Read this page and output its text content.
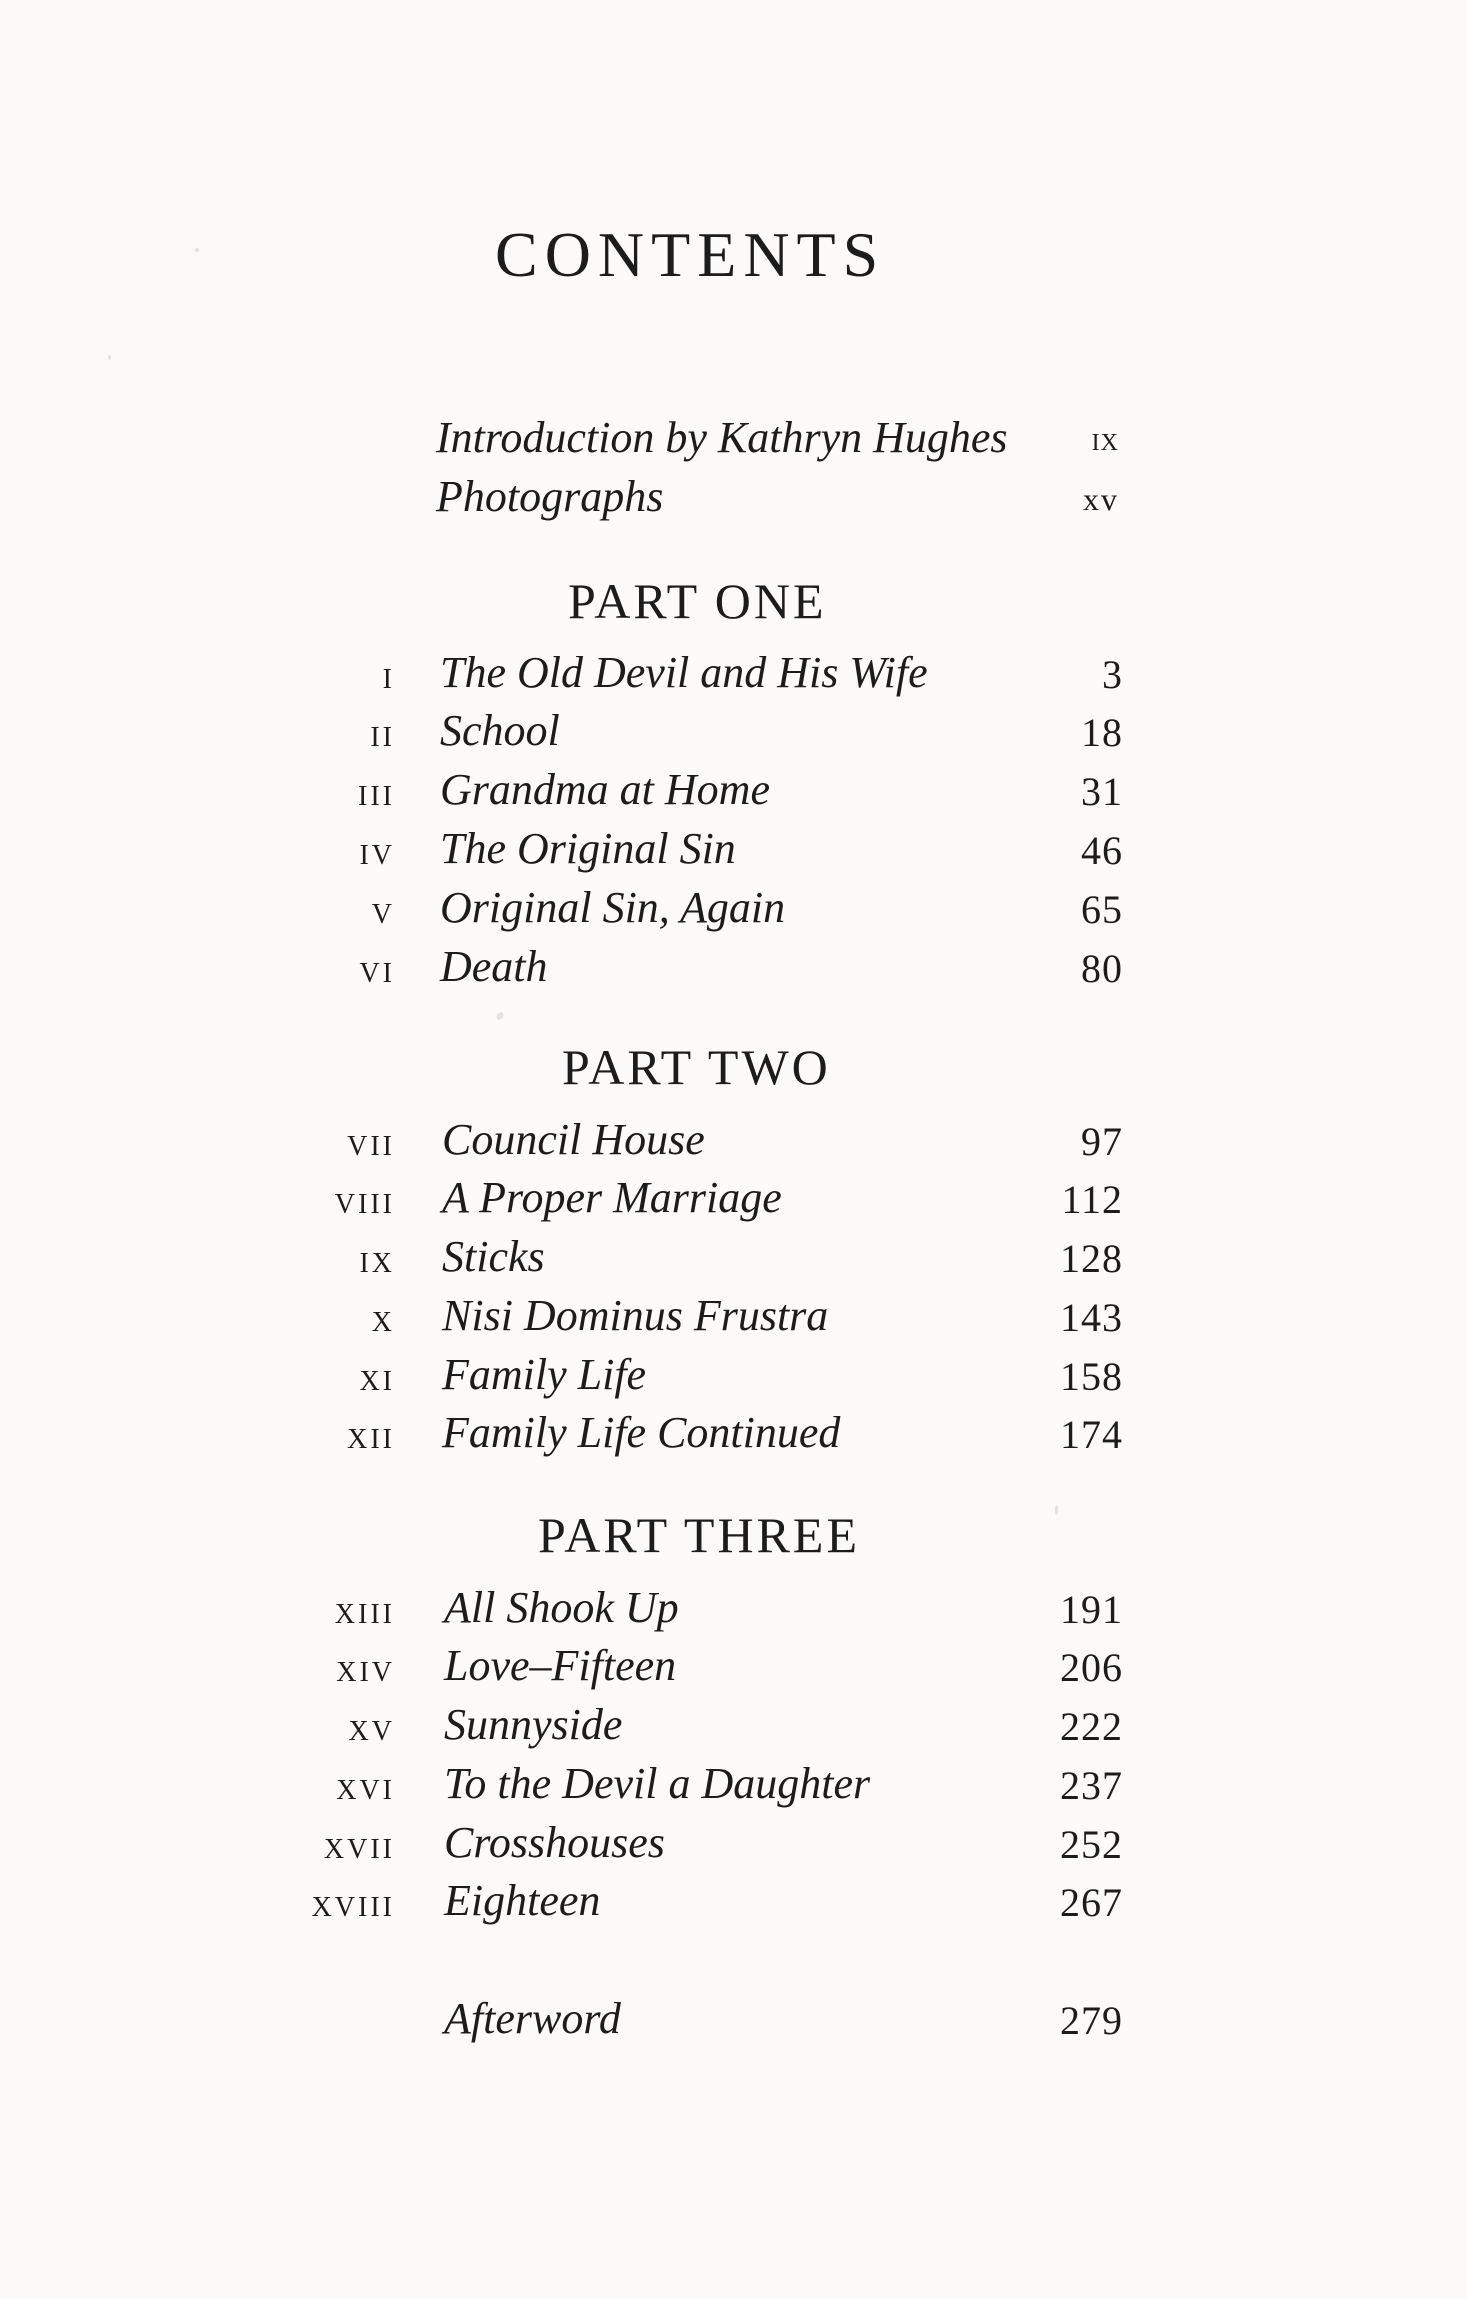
CONTENTS
Introduction by Kathryn Hughes ix
Photographs	xv
PART ONE
I The Old Devil and His Wife	3
II School	18
III Grandma at Home	31
IV The Original Sin	46
V Original Sin, Again	65
VI Death	80
PART TWO
VII Council House	97
VIII A Proper Marriage	112
IX Sticks	128
X Nisi Dominus Frustra	143
XI Family Life	158
XII Family Life Continued	174
PART THREE
XIII All Shook Up	191
XIV Love–Fifteen	206
XV Sunnyside	222
XVI To the Devil a Daughter	237
XVII Crosshouses	252
XVIII Eighteen	267
Afterword	279
